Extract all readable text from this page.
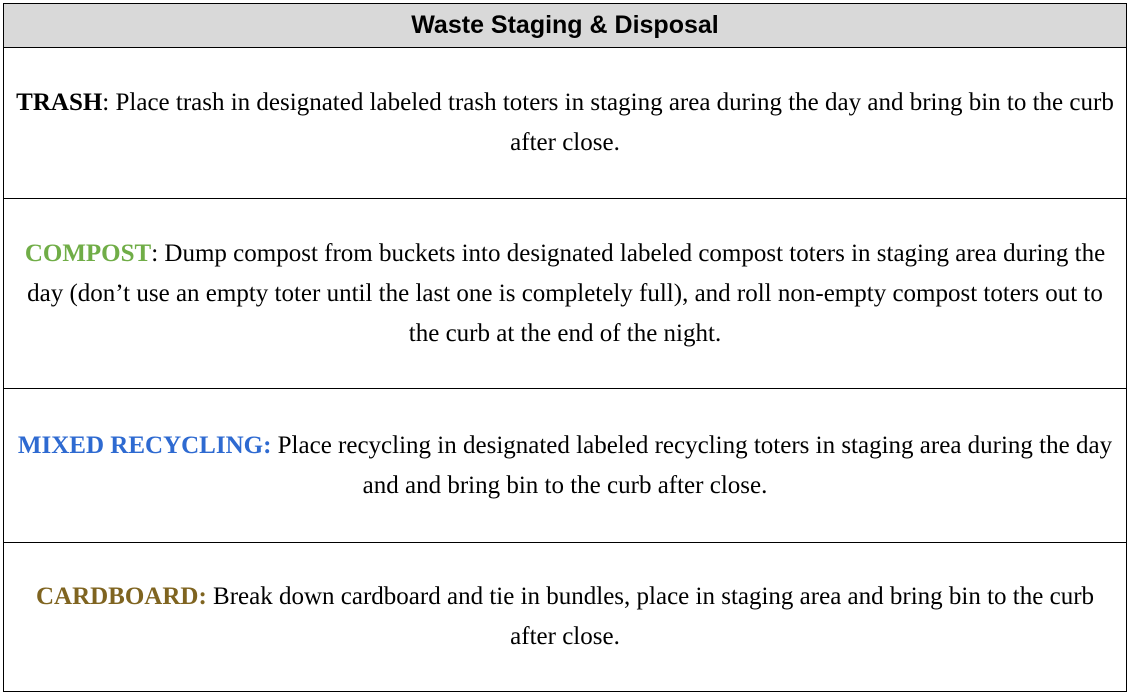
Waste Staging & Disposal

TRASH: Place trash in designated labeled trash toters in staging area during the day and bring bin to the curb after close.

COMPOST: Dump compost from buckets into designated labeled compost toters in staging area during the day (don’t use an empty toter until the last one is completely full), and roll non-empty compost toters out to the curb at the end of the night.

MIXED RECYCLING: Place recycling in designated labeled recycling toters in staging area during the day and and bring bin to the curb after close.

CARDBOARD: Break down cardboard and tie in bundles, place in staging area and bring bin to the curb after close.
